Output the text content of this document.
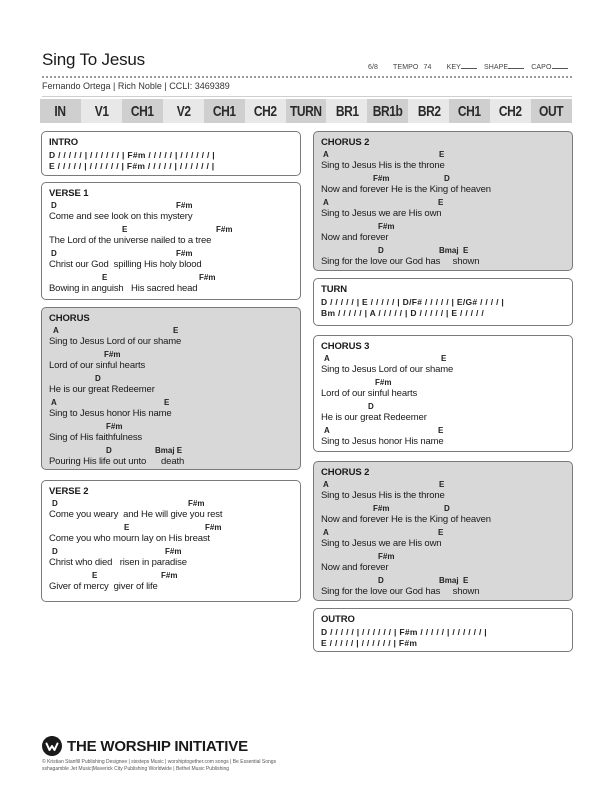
Sing To Jesus	6/8 TEMPO 74 KEY	SHAPE	CAPO
Fernando Ortega | Rich Noble | CCLI: 3469389
IN V1 CH1 V2 CH1 CH2 TURN BR1 BR1b BR2 CH1 CH2 OUT
INTRO
D / / / / / | / / / / / / | F#m / / / / / | / / / / / / |
E / / / / / | / / / / / / | F#m / / / / / | / / / / / / |
VERSE 1
D	F#m
Come and see look on this mystery
E	F#m
The Lord of the universe nailed to a tree
D	F#m
Christ our God  spilling His holy blood
E	F#m
Bowing in anguish   His sacred head
CHORUS
A	E
Sing to Jesus Lord of our shame
F#m
Lord of our sinful hearts
D
He is our great Redeemer
A	E
Sing to Jesus honor His name
F#m
Sing of His faithfulness
D	Bmaj E
Pouring His life out unto      death
VERSE 2
D	F#m
Come you weary  and He will give you rest
E	F#m
Come you who mourn lay on His breast
D	F#m
Christ who died   risen in paradise
E	F#m
Giver of mercy  giver of life
CHORUS 2
A	E
Sing to Jesus His is the throne
F#m	D
Now and forever He is the King of heaven
A	E
Sing to Jesus we are His own
F#m
Now and forever
D	Bmaj  E
Sing for the love our God has     shown
TURN
D / / / / / | E / / / / / | D/F# / / / / / | E/G# / / / / |
Bm / / / / / | A / / / / / | D / / / / / | E / / / / /
CHORUS 3
A	E
Sing to Jesus Lord of our shame
F#m
Lord of our sinful hearts
D
He is our great Redeemer
A	E
Sing to Jesus honor His name
CHORUS 2
A	E
Sing to Jesus His is the throne
F#m	D
Now and forever He is the King of heaven
A	E
Sing to Jesus we are His own
F#m
Now and forever
D	Bmaj  E
Sing for the love our God has     shown
OUTRO
D / / / / / | / / / / / / | F#m / / / / / | / / / / / / |
E / / / / / | / / / / / / | F#m
THE WORSHIP INITIATIVE
© Kristian Stanfill Publishing Designee | sixsteps Music | worshiptogether.com songs | Be Essential Songs
sshagamble Jet Music|Maverick City Publishing Worldwide | Bethel Music Publishing
